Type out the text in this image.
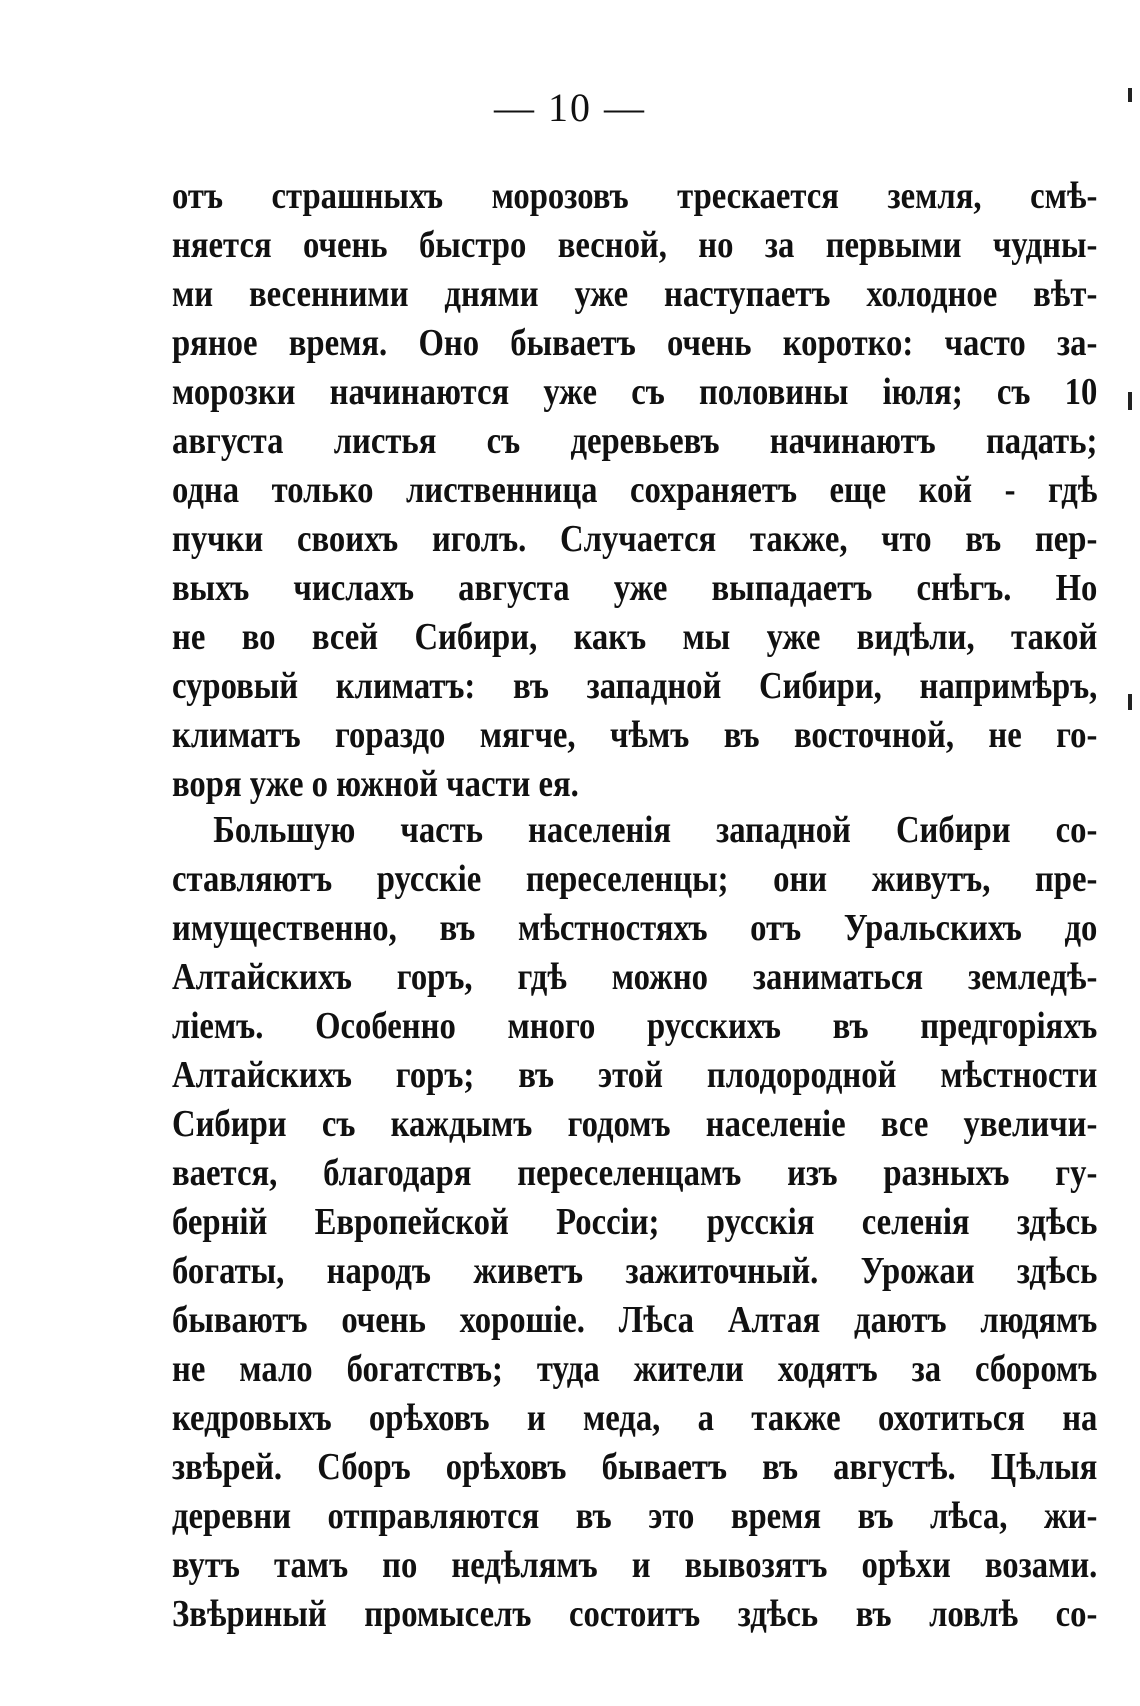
— 10 —
отъ страшныхъ морозовъ трескается земля, смѣ-
няется очень быстро весной, но за первыми чудны-
ми весенними днями уже наступаетъ холодное вѣт-
ряное время. Оно бываетъ очень коротко: часто за-
морозки начинаются уже съ половины іюля; съ 10
августа листья съ деревьевъ начинаютъ падать;
одна только лиственница сохраняетъ еще кой - гдѣ
пучки своихъ иголъ. Случается также, что въ пер-
выхъ числахъ августа уже выпадаетъ снѣгъ. Но
не во всей Сибири, какъ мы уже видѣли, такой
суровый климатъ: въ западной Сибири, напримѣръ,
климатъ гораздо мягче, чѣмъ въ восточной, не го-
воря уже о южной части ея.
Большую часть населенія западной Сибири со-
ставляютъ русскіе переселенцы; они живутъ, пре-
имущественно, въ мѣстностяхъ отъ Уральскихъ до
Алтайскихъ горъ, гдѣ можно заниматься земледѣ-
ліемъ. Особенно много русскихъ въ предгоріяхъ
Алтайскихъ горъ; въ этой плодородной мѣстности
Сибири съ каждымъ годомъ населеніе все увеличи-
вается, благодаря переселенцамъ изъ разныхъ гу-
берній Европейской Россіи; русскія селенія здѣсь
богаты, народъ живетъ зажиточный. Урожаи здѣсь
бываютъ очень хорошіе. Лѣса Алтая даютъ людямъ
не мало богатствъ; туда жители ходятъ за сборомъ
кедровыхъ орѣховъ и меда, а также охотиться на
звѣрей. Сборъ орѣховъ бываетъ въ августѣ. Цѣлыя
деревни отправляются въ это время въ лѣса, жи-
вутъ тамъ по недѣлямъ и вывозятъ орѣхи возами.
Звѣриный промыселъ состоитъ здѣсь въ ловлѣ со-
